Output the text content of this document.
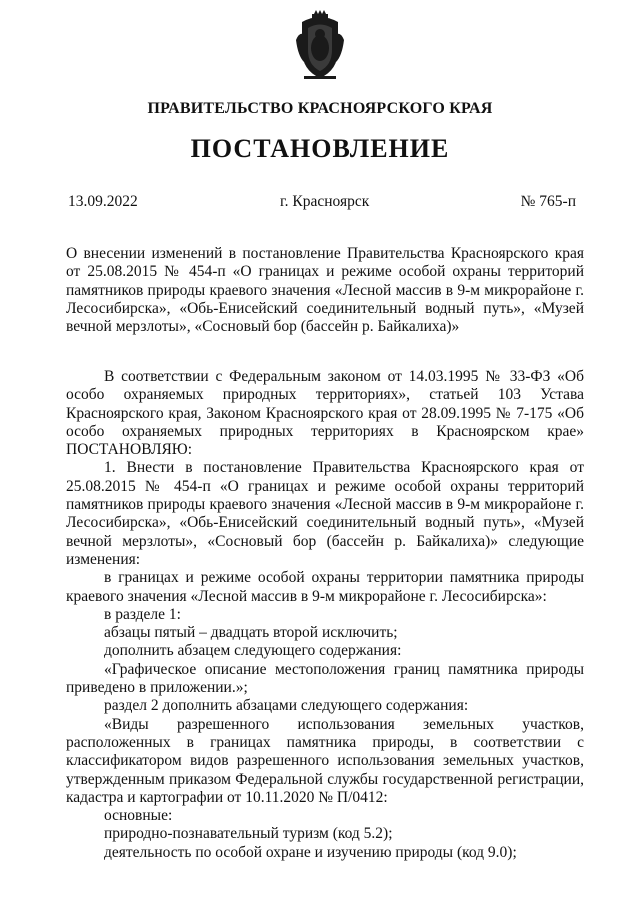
ПРАВИТЕЛЬСТВО КРАСНОЯРСКОГО КРАЯ
ПОСТАНОВЛЕНИЕ
13.09.2022	г. Красноярск	№ 765-п

О внесении изменений в постановление Правительства Красноярского края от 25.08.2015 № 454-п «О границах и режиме особой охраны территорий памятников природы краевого значения «Лесной массив в 9-м микрорайоне г. Лесосибирска», «Обь-Енисейский соединительный водный путь», «Музей вечной мерзлоты», «Сосновый бор (бассейн р. Байкалиха)»

В соответствии с Федеральным законом от 14.03.1995 № 33-ФЗ «Об особо охраняемых природных территориях», статьей 103 Устава Красноярского края, Законом Красноярского края от 28.09.1995 № 7-175 «Об особо охраняемых природных территориях в Красноярском крае» ПОСТАНОВЛЯЮ:

1. Внести в постановление Правительства Красноярского края от 25.08.2015 № 454-п «О границах и режиме особой охраны территорий памятников природы краевого значения «Лесной массив в 9-м микрорайоне г. Лесосибирска», «Обь-Енисейский соединительный водный путь», «Музей вечной мерзлоты», «Сосновый бор (бассейн р. Байкалиха)» следующие изменения:

в границах и режиме особой охраны территории памятника природы краевого значения «Лесной массив в 9-м микрорайоне г. Лесосибирска»:

в разделе 1:

абзацы пятый – двадцать второй исключить;

дополнить абзацем следующего содержания:

«Графическое описание местоположения границ памятника природы приведено в приложении.»;

раздел 2 дополнить абзацами следующего содержания:

«Виды разрешенного использования земельных участков, расположенных в границах памятника природы, в соответствии с классификатором видов разрешенного использования земельных участков, утвержденным приказом Федеральной службы государственной регистрации, кадастра и картографии от 10.11.2020 № П/0412:

основные:

природно-познавательный туризм (код 5.2);

деятельность по особой охране и изучению природы (код 9.0);
